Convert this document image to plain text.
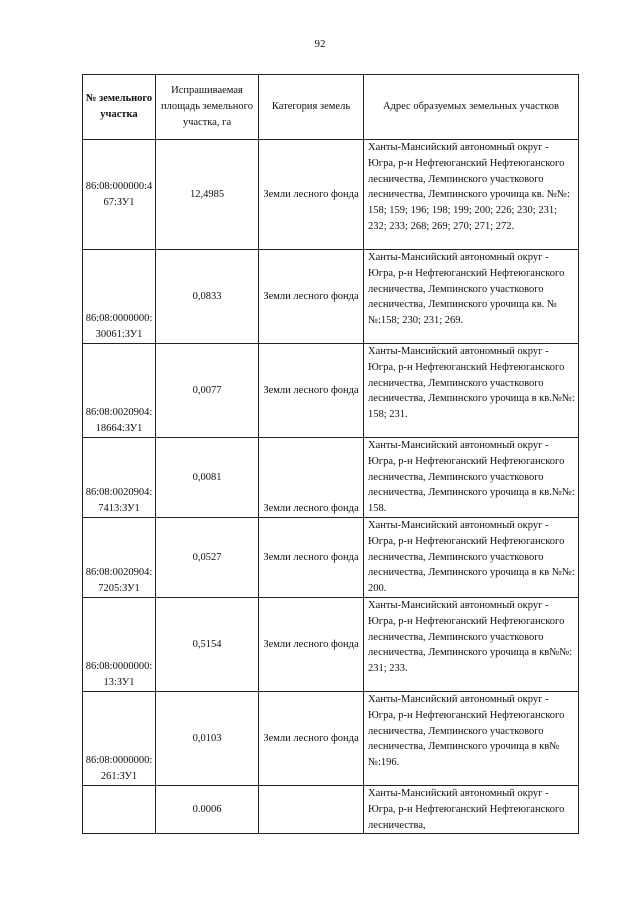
92
№ земельного участка	Испрашиваемая площадь земельного участка, га	Категория земель	Адрес образуемых земельных участков
86:08:000000:467:ЗУ1	12,4985	Земли лесного фонда	Ханты-Мансийский автономный округ - Югра, р-н Нефтеюганский Нефтеюганского лесничества, Лемпинского участкового лесничества, Лемпинского урочища кв. №№: 158; 159; 196; 198; 199; 200; 226; 230; 231; 232; 233; 268; 269; 270; 271; 272.
86:08:0000000:30061:ЗУ1	0,0833	Земли лесного фонда	Ханты-Мансийский автономный округ - Югра, р-н Нефтеюганский Нефтеюганского лесничества, Лемпинского участкового лесничества, Лемпинского урочища кв. №№:158; 230; 231; 269.
86:08:0020904:18664:ЗУ1	0,0077	Земли лесного фонда	Ханты-Мансийский автономный округ - Югра, р-н Нефтеюганский Нефтеюганского лесничества, Лемпинского участкового лесничества, Лемпинского урочища в кв.№№: 158; 231.
86:08:0020904:7413:ЗУ1	0,0081	Земли лесного фонда	Ханты-Мансийский автономный округ - Югра, р-н Нефтеюганский Нефтеюганского лесничества, Лемпинского участкового лесничества, Лемпинского урочища в кв.№№: 158.
86:08:0020904:7205:ЗУ1	0,0527	Земли лесного фонда	Ханты-Мансийский автономный округ - Югра, р-н Нефтеюганский Нефтеюганского лесничества, Лемпинского участкового лесничества, Лемпинского урочища в кв №№: 200.
86:08:0000000:13:ЗУ1	0,5154	Земли лесного фонда	Ханты-Мансийский автономный округ - Югра, р-н Нефтеюганский Нефтеюганского лесничества, Лемпинского участкового лесничества, Лемпинского урочища в кв№№: 231; 233.
86:08:0000000:261:ЗУ1	0,0103	Земли лесного фонда	Ханты-Мансийский автономный округ - Югра, р-н Нефтеюганский Нефтеюганского лесничества, Лемпинского участкового лесничества, Лемпинского урочища в кв№№:196.
	0.0006		Ханты-Мансийский автономный округ - Югра, р-н Нефтеюганский Нефтеюганского лесничества,
